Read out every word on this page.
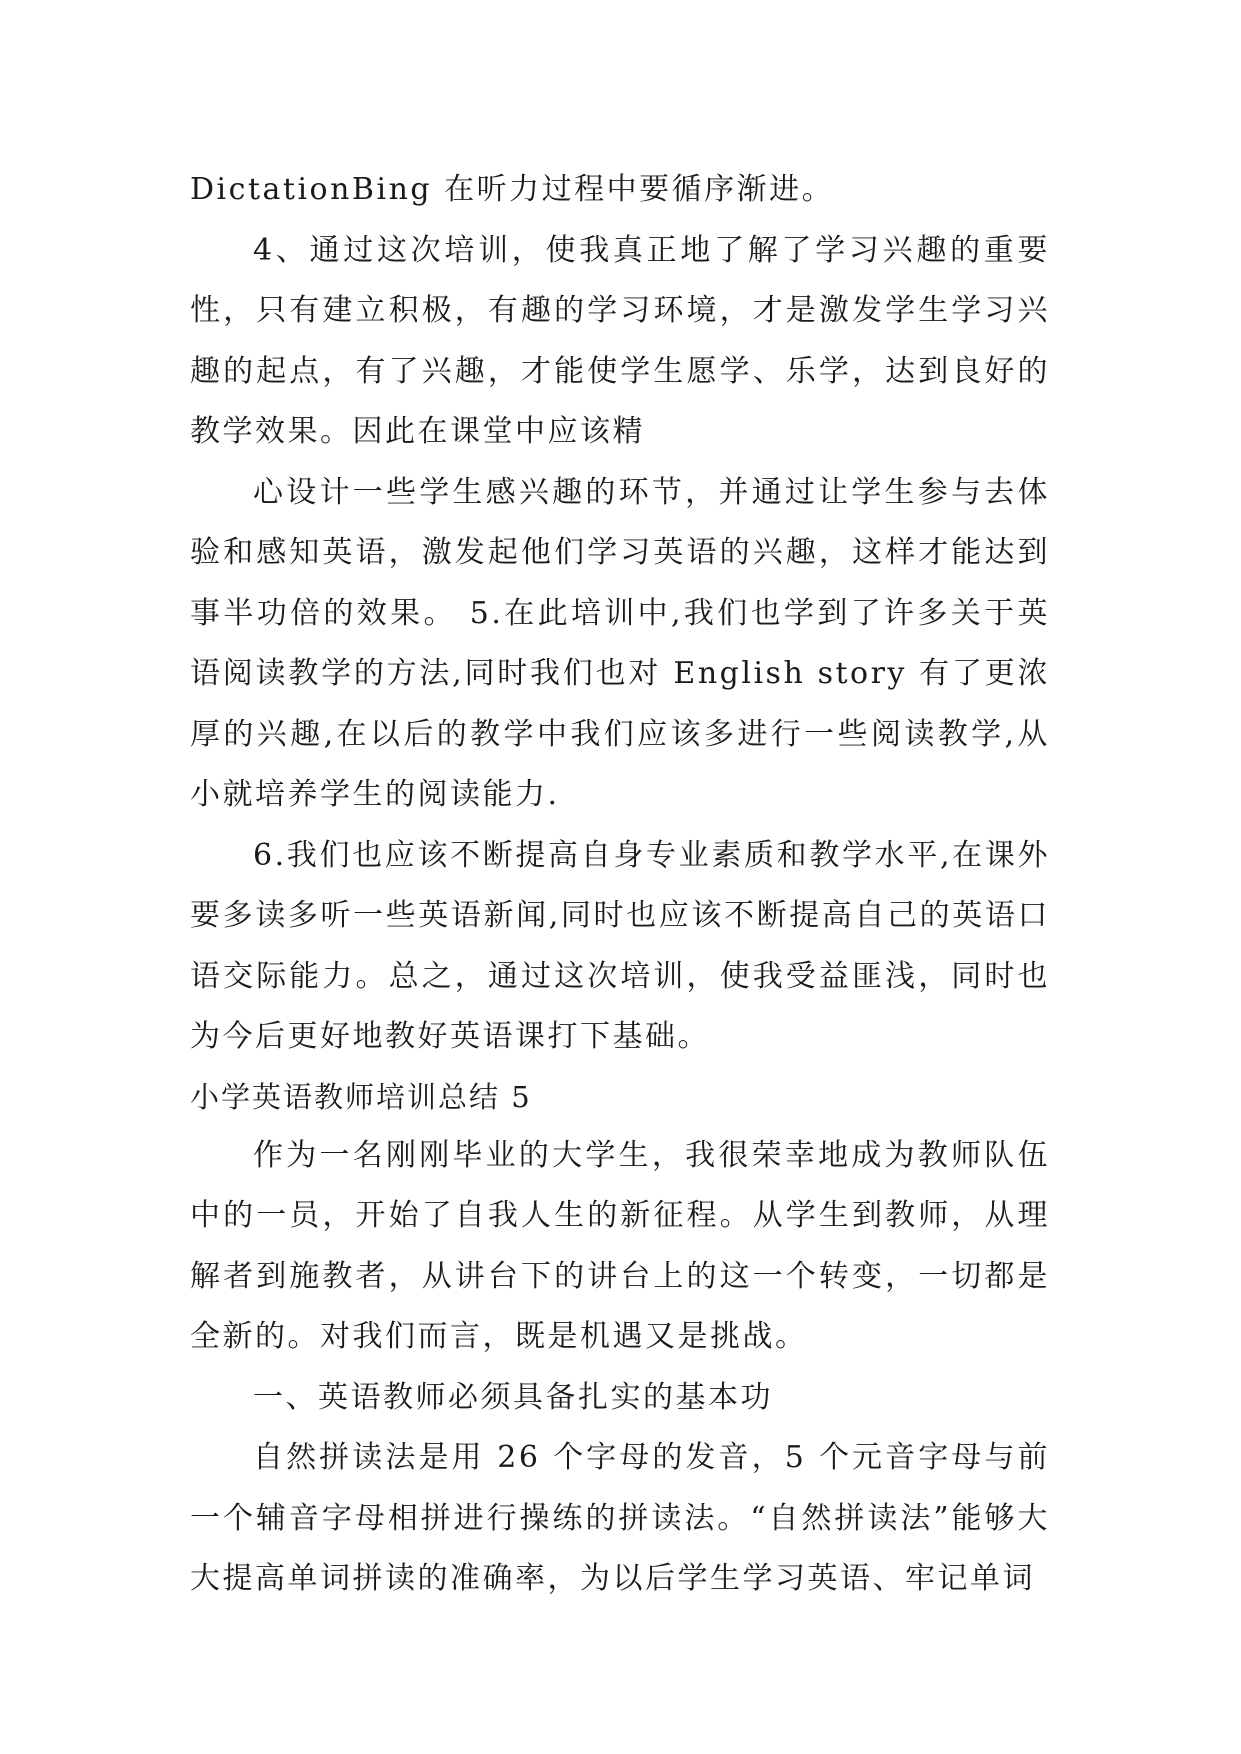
DictationBing 在听力过程中要循序渐进。

4、通过这次培训，使我真正地了解了学习兴趣的重要性，只有建立积极，有趣的学习环境，才是激发学生学习兴趣的起点，有了兴趣，才能使学生愿学、乐学，达到良好的教学效果。因此在课堂中应该精

心设计一些学生感兴趣的环节，并通过让学生参与去体验和感知英语，激发起他们学习英语的兴趣，这样才能达到事半功倍的效果。 5.在此培训中,我们也学到了许多关于英语阅读教学的方法,同时我们也对 English story 有了更浓厚的兴趣,在以后的教学中我们应该多进行一些阅读教学,从小就培养学生的阅读能力.

6.我们也应该不断提高自身专业素质和教学水平,在课外要多读多听一些英语新闻,同时也应该不断提高自己的英语口语交际能力。总之，通过这次培训，使我受益匪浅，同时也为今后更好地教好英语课打下基础。

小学英语教师培训总结 5

作为一名刚刚毕业的大学生，我很荣幸地成为教师队伍中的一员，开始了自我人生的新征程。从学生到教师，从理解者到施教者，从讲台下的讲台上的这一个转变，一切都是全新的。对我们而言，既是机遇又是挑战。

一、英语教师必须具备扎实的基本功

自然拼读法是用 26 个字母的发音，5 个元音字母与前一个辅音字母相拼进行操练的拼读法。“自然拼读法”能够大大提高单词拼读的准确率，为以后学生学习英语、牢记单词
